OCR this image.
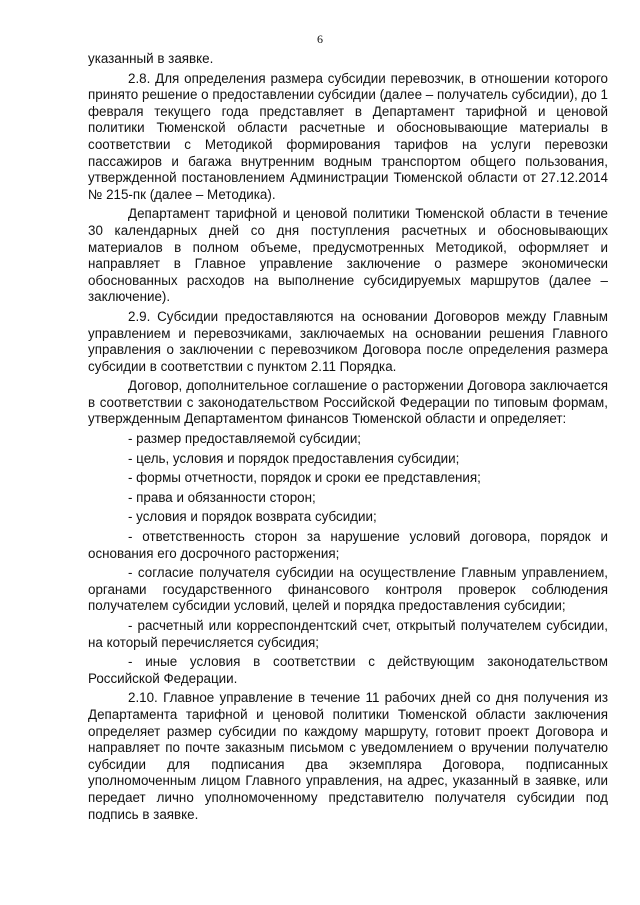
6

указанный в заявке.

2.8. Для определения размера субсидии перевозчик, в отношении которого принято решение о предоставлении субсидии (далее – получатель субсидии), до 1 февраля текущего года представляет в Департамент тарифной и ценовой политики Тюменской области расчетные и обосновывающие материалы в соответствии с Методикой формирования тарифов на услуги перевозки пассажиров и багажа внутренним водным транспортом общего пользования, утвержденной постановлением Администрации Тюменской области от 27.12.2014 № 215-пк (далее – Методика).

Департамент тарифной и ценовой политики Тюменской области в течение 30 календарных дней со дня поступления расчетных и обосновывающих материалов в полном объеме, предусмотренных Методикой, оформляет и направляет в Главное управление заключение о размере экономически обоснованных расходов на выполнение субсидируемых маршрутов (далее – заключение).

2.9. Субсидии предоставляются на основании Договоров между Главным управлением и перевозчиками, заключаемых на основании решения Главного управления о заключении с перевозчиком Договора после определения размера субсидии в соответствии с пунктом 2.11 Порядка.

Договор, дополнительное соглашение о расторжении Договора заключается в соответствии с законодательством Российской Федерации по типовым формам, утвержденным Департаментом финансов Тюменской области и определяет:

- размер предоставляемой субсидии;

- цель, условия и порядок предоставления субсидии;

- формы отчетности, порядок и сроки ее представления;

- права и обязанности сторон;

- условия и порядок возврата субсидии;

- ответственность сторон за нарушение условий договора, порядок и основания его досрочного расторжения;

- согласие получателя субсидии на осуществление Главным управлением, органами государственного финансового контроля проверок соблюдения получателем субсидии условий, целей и порядка предоставления субсидии;

- расчетный или корреспондентский счет, открытый получателем субсидии, на который перечисляется субсидия;

- иные условия в соответствии с действующим законодательством Российской Федерации.

2.10. Главное управление в течение 11 рабочих дней со дня получения из Департамента тарифной и ценовой политики Тюменской области заключения определяет размер субсидии по каждому маршруту, готовит проект Договора и направляет по почте заказным письмом с уведомлением о вручении получателю субсидии для подписания два экземпляра Договора, подписанных уполномоченным лицом Главного управления, на адрес, указанный в заявке, или передает лично уполномоченному представителю получателя субсидии под подпись в заявке.
